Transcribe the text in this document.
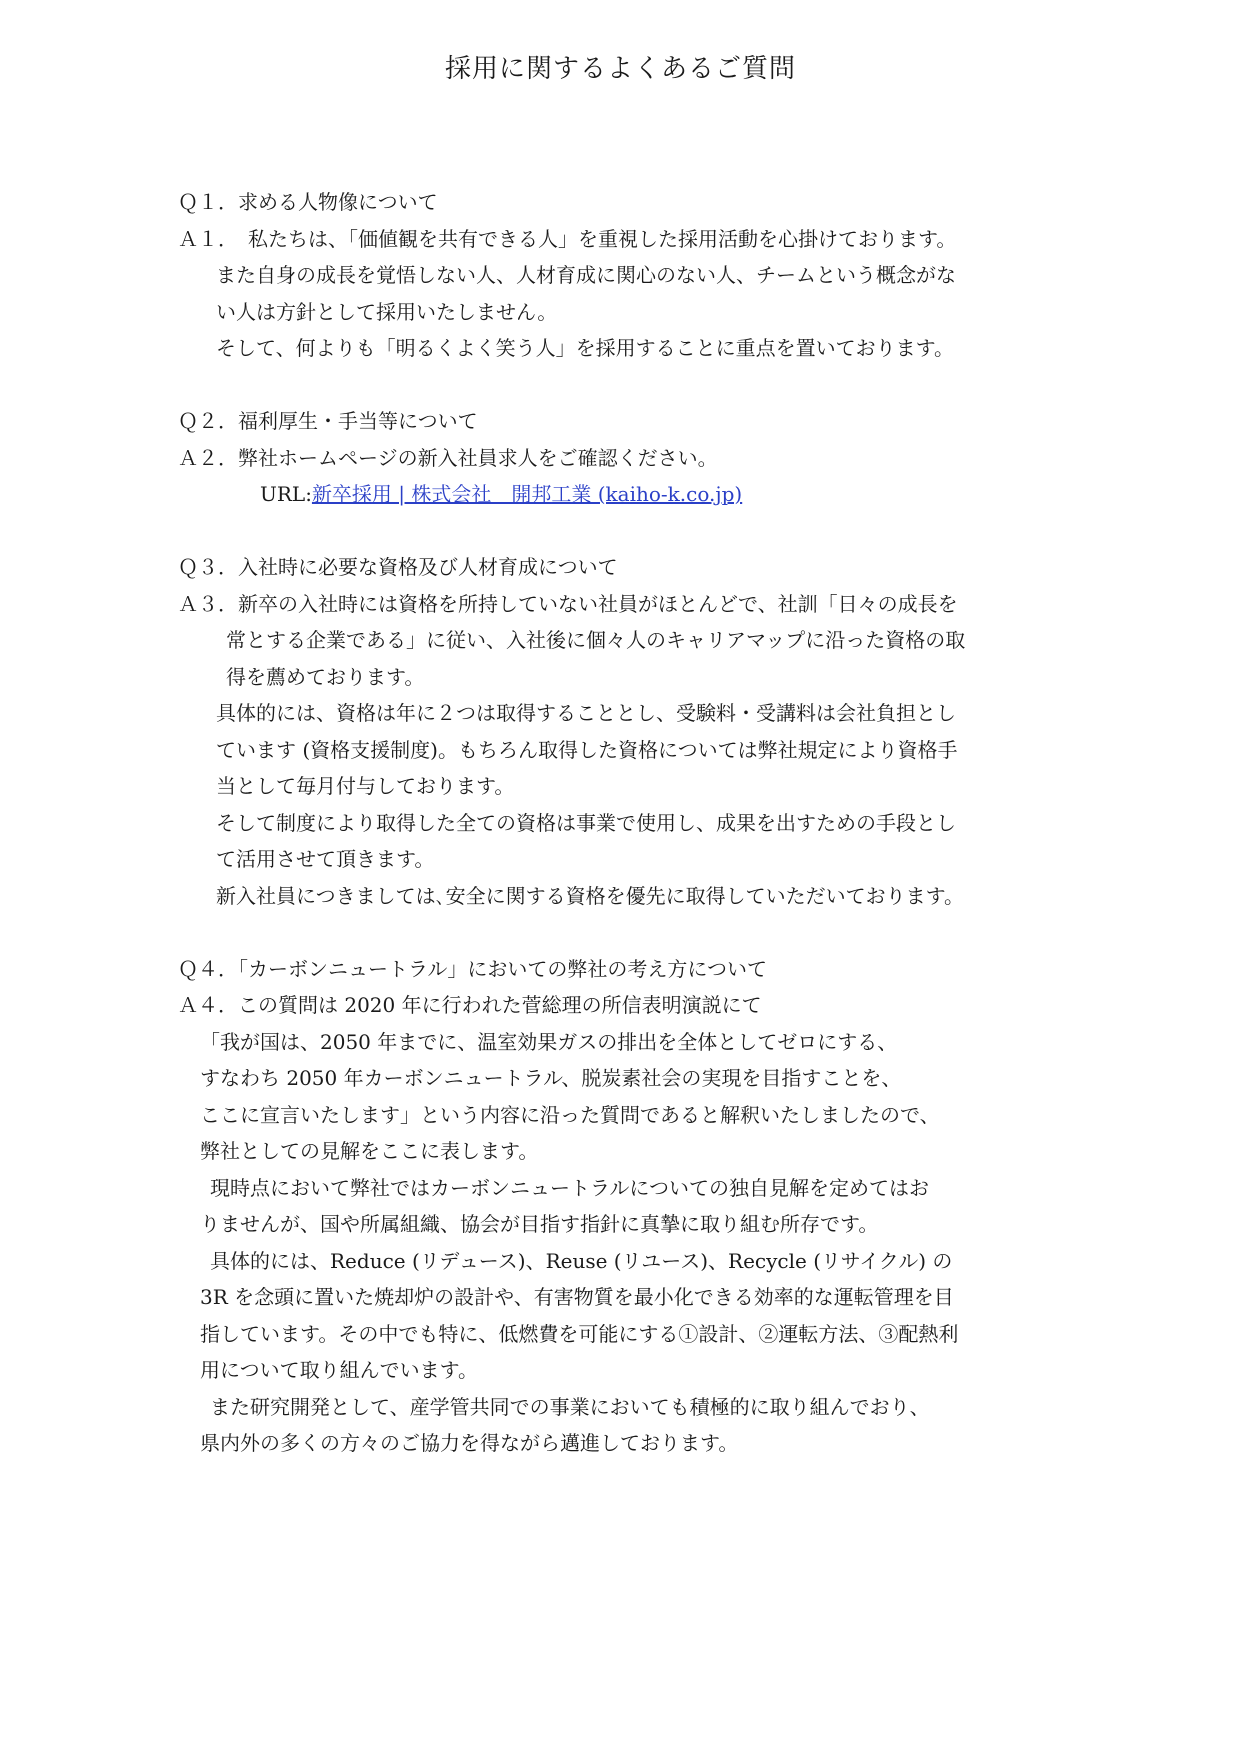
採用に関するよくあるご質問
Ｑ１．求める人物像について
Ａ１．　私たちは、「価値観を共有できる人」を重視した採用活動を心掛けております。
また自身の成長を覚悟しない人、人材育成に関心のない人、チームという概念がな
い人は方針として採用いたしません。
そして、何よりも「明るくよく笑う人」を採用することに重点を置いております。
Ｑ２．福利厚生・手当等について
Ａ２．弊社ホームページの新入社員求人をご確認ください。
URL:新卒採用 | 株式会社　開邦工業 (kaiho-k.co.jp)
Ｑ３．入社時に必要な資格及び人材育成について
Ａ３．新卒の入社時には資格を所持していない社員がほとんどで、社訓「日々の成長を
常とする企業である」に従い、入社後に個々人のキャリアマップに沿った資格の取
得を薦めております。
具体的には、資格は年に２つは取得することとし、受験料・受講料は会社負担とし
ています (資格支援制度)。もちろん取得した資格については弊社規定により資格手
当として毎月付与しております。
そして制度により取得した全ての資格は事業で使用し、成果を出すための手段とし
て活用させて頂きます。
新入社員につきましては､安全に関する資格を優先に取得していただいております。
Ｑ４．「カーボンニュートラル」においての弊社の考え方について
Ａ４．この質問は 2020 年に行われた菅総理の所信表明演説にて
「我が国は、2050 年までに、温室効果ガスの排出を全体としてゼロにする、
すなわち 2050 年カーボンニュートラル、脱炭素社会の実現を目指すことを、
ここに宣言いたします」という内容に沿った質問であると解釈いたしましたので、
弊社としての見解をここに表します。
現時点において弊社ではカーボンニュートラルについての独自見解を定めてはお
りませんが、国や所属組織、協会が目指す指針に真摯に取り組む所存です。
具体的には、Reduce (リデュース)、Reuse (リユース)、Recycle (リサイクル) の
3R を念頭に置いた焼却炉の設計や、有害物質を最小化できる効率的な運転管理を目
指しています。その中でも特に、低燃費を可能にする①設計、②運転方法、③配熱利
用について取り組んでいます。
また研究開発として、産学管共同での事業においても積極的に取り組んでおり、
県内外の多くの方々のご協力を得ながら邁進しております。
